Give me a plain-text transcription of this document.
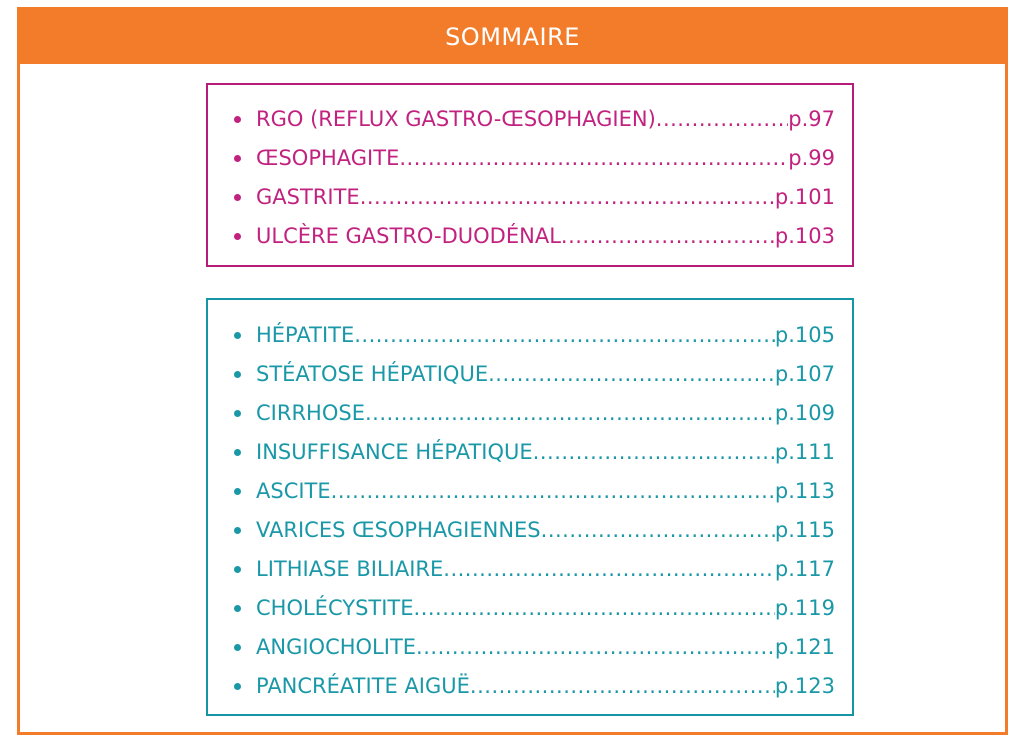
SOMMAIRE
RGO (REFLUX GASTRO-ŒSOPHAGIEN) .....	p.97
ŒSOPHAGITE .....	p.99
GASTRITE .....	p.101
ULCÈRE GASTRO-DUODÉNAL .....	p.103
HÉPATITE .....	p.105
STÉATOSE HÉPATIQUE .....	p.107
CIRRHOSE .....	p.109
INSUFFISANCE HÉPATIQUE .....	p.111
ASCITE .....	p.113
VARICES ŒSOPHAGIENNES .....	p.115
LITHIASE BILIAIRE .....	p.117
CHOLÉCYSTITE .....	p.119
ANGIOCHOLITE .....	p.121
PANCRÉATITE AIGUË .....	p.123
